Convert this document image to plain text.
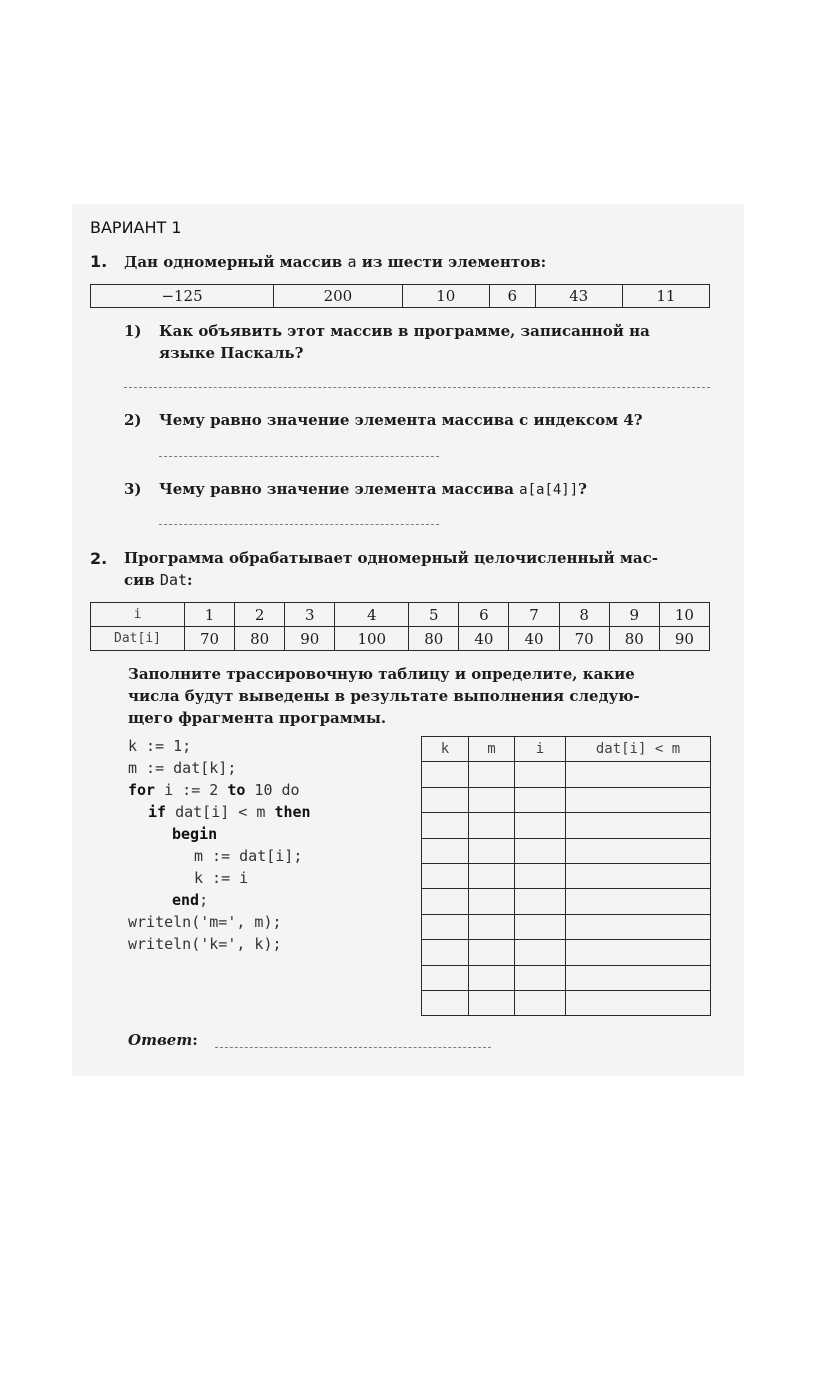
ВАРИАНТ 1
1. Дан одномерный массив a из шести элементов:
−125	200	10	6	43	11
1) Как объявить этот массив в программе, записанной на
языке Паскаль?
2) Чему равно значение элемента массива с индексом 4?
3) Чему равно значение элемента массива a[a[4]]?
2. Программа обрабатывает одномерный целочисленный мас-
сив Dat:
i	1	2	3	4	5	6	7	8	9	10
Dat[i]	70	80	90	100	80	40	40	70	80	90
Заполните трассировочную таблицу и определите, какие
числа будут выведены в результате выполнения следую-
щего фрагмента программы.
k := 1;
m := dat[k];
for i := 2 to 10 do
if dat[i] < m then
begin
m := dat[i];
k := i
end;
writeln('m=', m);
writeln('k=', k);
k	m	i	dat[i] < m

Ответ:
